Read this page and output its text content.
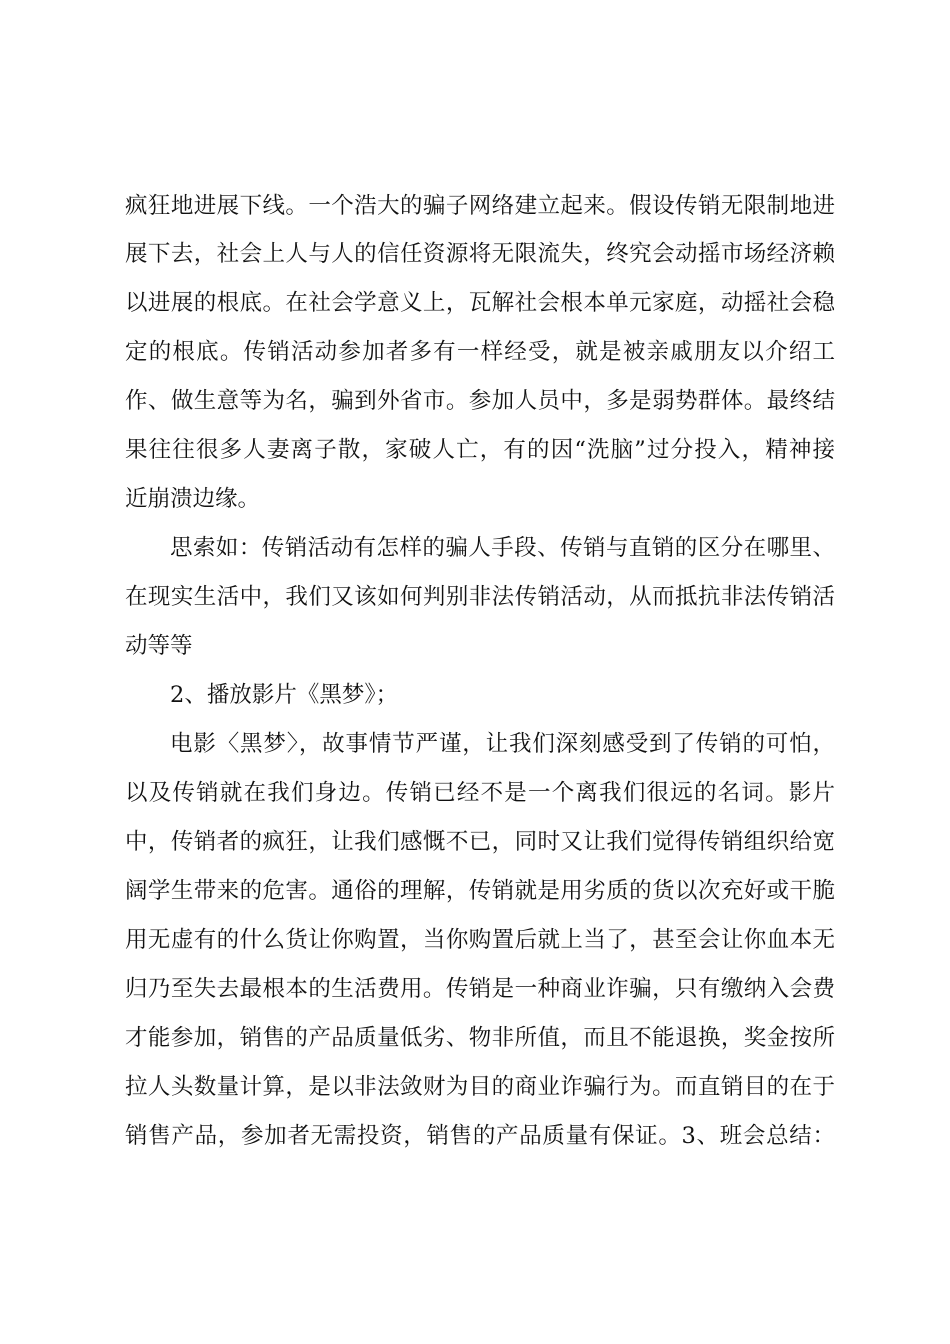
疯狂地进展下线。一个浩大的骗子网络建立起来。假设传销无限制地进
展下去，社会上人与人的信任资源将无限流失，终究会动摇市场经济赖
以进展的根底。在社会学意义上，瓦解社会根本单元家庭，动摇社会稳
定的根底。传销活动参加者多有一样经受，就是被亲戚朋友以介绍工
作、做生意等为名，骗到外省市。参加人员中，多是弱势群体。最终结
果往往很多人妻离子散，家破人亡，有的因“洗脑”过分投入，精神接
近崩溃边缘。
思索如：传销活动有怎样的骗人手段、传销与直销的区分在哪里、
在现实生活中，我们又该如何判别非法传销活动，从而抵抗非法传销活
动等等
2、播放影片《黑梦》；
电影〈黑梦〉，故事情节严谨，让我们深刻感受到了传销的可怕，
以及传销就在我们身边。传销已经不是一个离我们很远的名词。影片
中，传销者的疯狂，让我们感慨不已，同时又让我们觉得传销组织给宽
阔学生带来的危害。通俗的理解，传销就是用劣质的货以次充好或干脆
用无虚有的什么货让你购置，当你购置后就上当了，甚至会让你血本无
归乃至失去最根本的生活费用。传销是一种商业诈骗，只有缴纳入会费
才能参加，销售的产品质量低劣、物非所值，而且不能退换，奖金按所
拉人头数量计算，是以非法敛财为目的商业诈骗行为。而直销目的在于
销售产品，参加者无需投资，销售的产品质量有保证。3、班会总结：
